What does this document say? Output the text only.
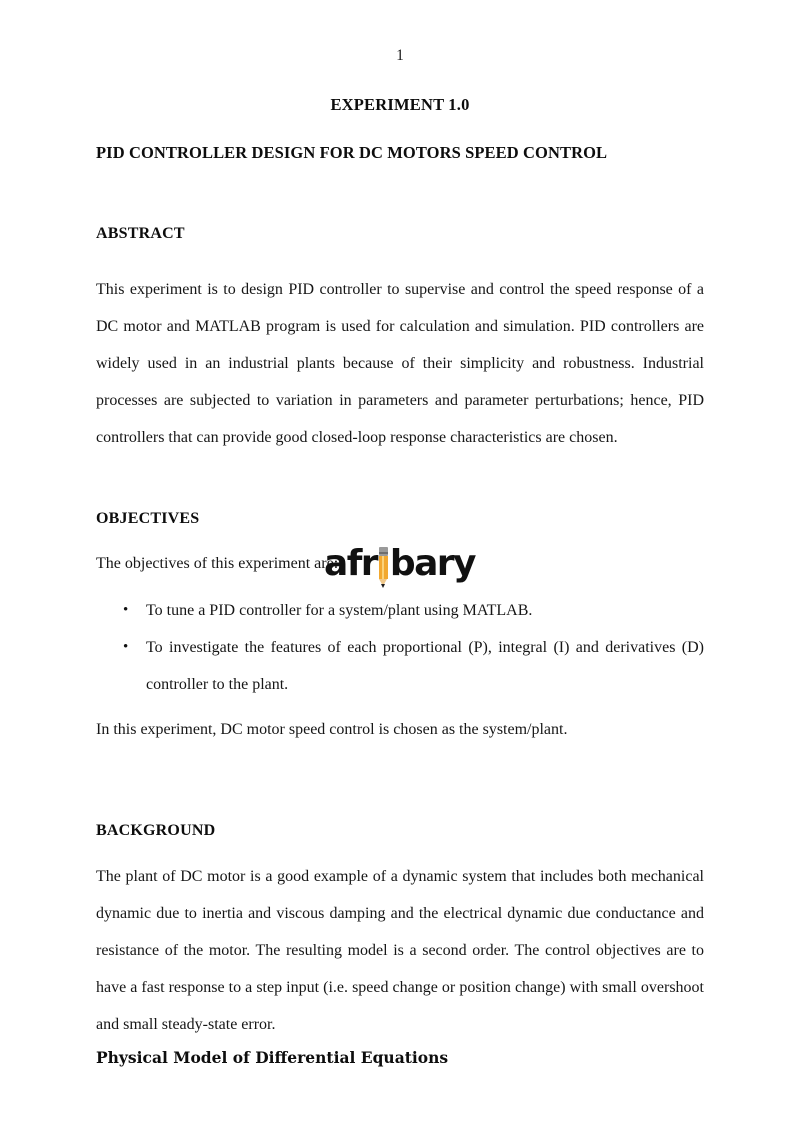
1
EXPERIMENT 1.0
PID CONTROLLER DESIGN FOR DC MOTORS SPEED CONTROL
ABSTRACT

This experiment is to design PID controller to supervise and control the speed response of a DC motor and MATLAB program is used for calculation and simulation. PID controllers are widely used in an industrial plants because of their simplicity and robustness. Industrial processes are subjected to variation in parameters and parameter perturbations; hence, PID controllers that can provide good closed-loop response characteristics are chosen.

OBJECTIVES

The objectives of this experiment are:

• To tune a PID controller for a system/plant using MATLAB.
• To investigate the features of each proportional (P), integral (I) and derivatives (D) controller to the plant.

In this experiment, DC motor speed control is chosen as the system/plant.

BACKGROUND

The plant of DC motor is a good example of a dynamic system that includes both mechanical dynamic due to inertia and viscous damping and the electrical dynamic due conductance and resistance of the motor. The resulting model is a second order. The control objectives are to have a fast response to a step input (i.e. speed change or position change) with small overshoot and small steady-state error.

Physical Model of Differential Equations
afr bary
